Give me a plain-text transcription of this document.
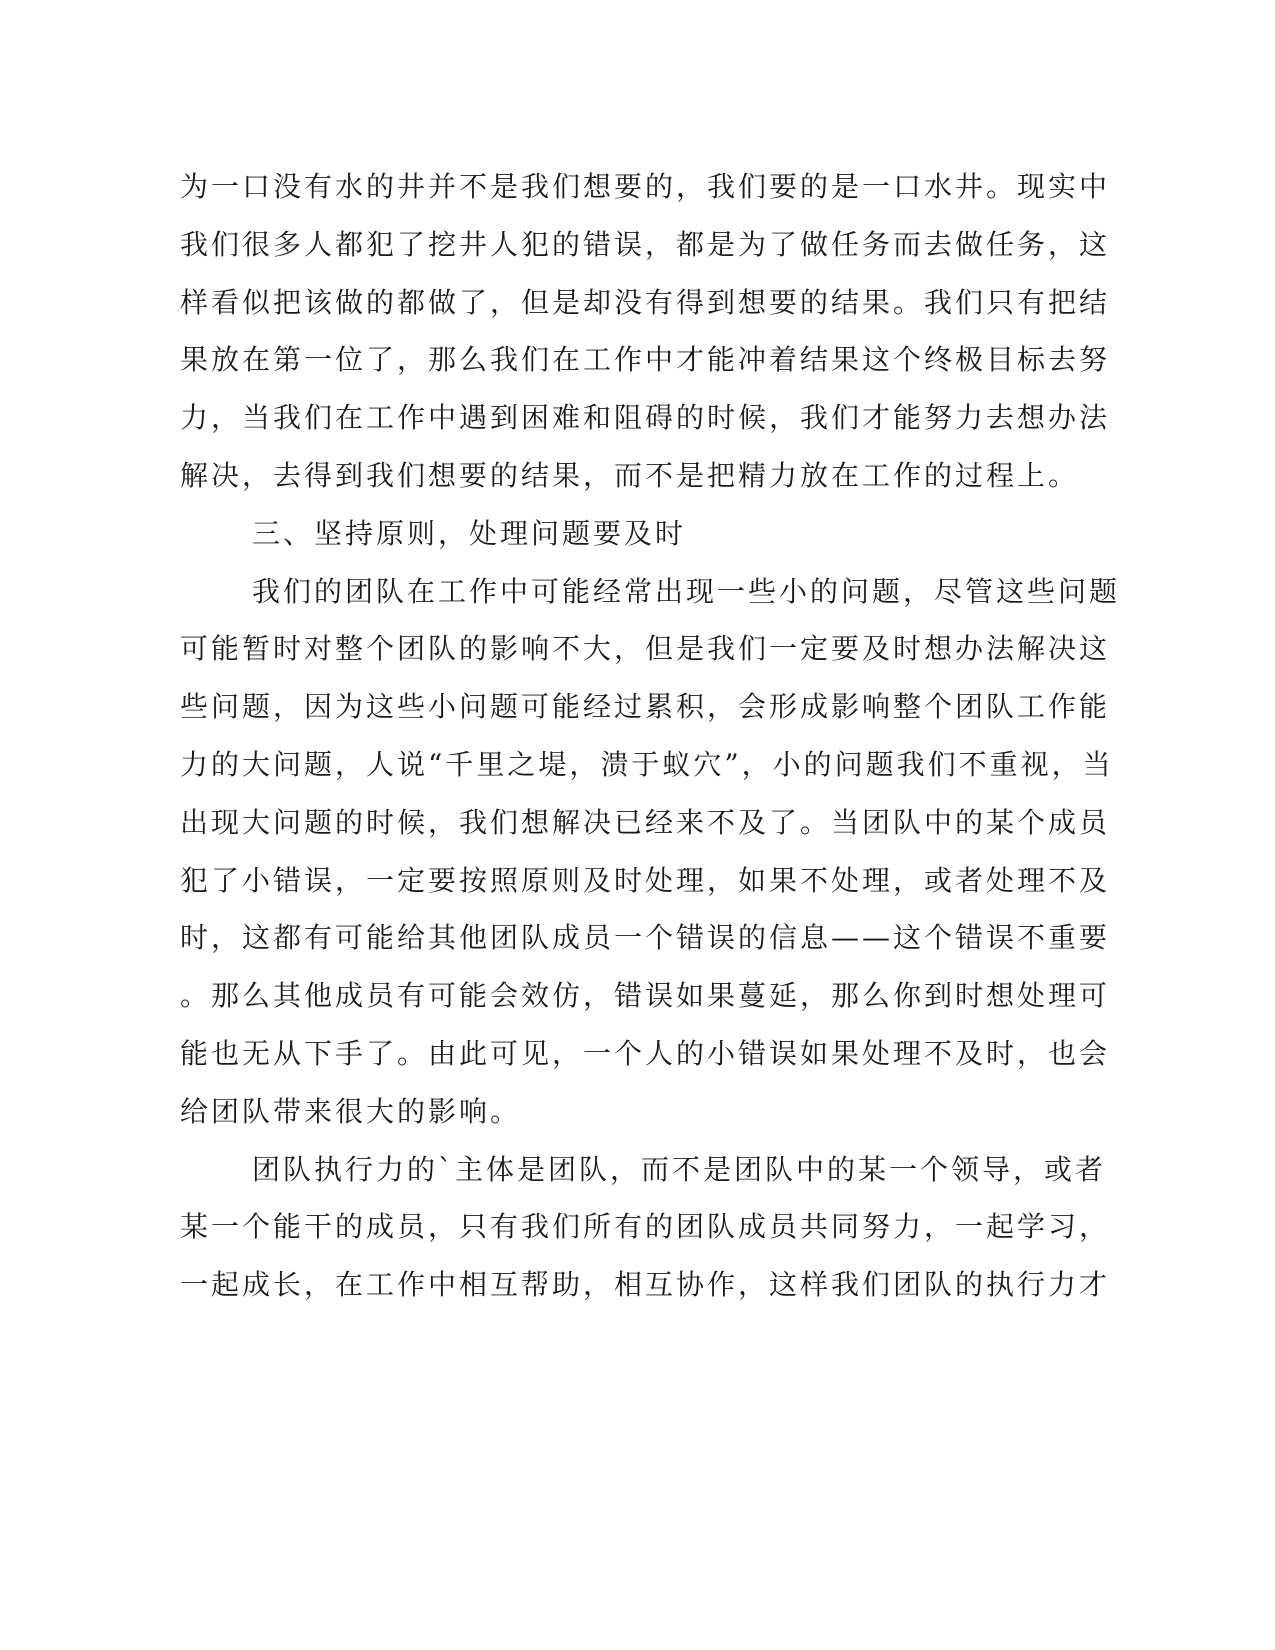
为一口没有水的井并不是我们想要的，我们要的是一口水井。现实中
我们很多人都犯了挖井人犯的错误，都是为了做任务而去做任务，这
样看似把该做的都做了，但是却没有得到想要的结果。我们只有把结
果放在第一位了，那么我们在工作中才能冲着结果这个终极目标去努
力，当我们在工作中遇到困难和阻碍的时候，我们才能努力去想办法
解决，去得到我们想要的结果，而不是把精力放在工作的过程上。
三、坚持原则，处理问题要及时
我们的团队在工作中可能经常出现一些小的问题，尽管这些问题
可能暂时对整个团队的影响不大，但是我们一定要及时想办法解决这
些问题，因为这些小问题可能经过累积，会形成影响整个团队工作能
力的大问题，人说“千里之堤，溃于蚁穴”，小的问题我们不重视，当
出现大问题的时候，我们想解决已经来不及了。当团队中的某个成员
犯了小错误，一定要按照原则及时处理，如果不处理，或者处理不及
时，这都有可能给其他团队成员一个错误的信息——这个错误不重要
。那么其他成员有可能会效仿，错误如果蔓延，那么你到时想处理可
能也无从下手了。由此可见，一个人的小错误如果处理不及时，也会
给团队带来很大的影响。
团队执行力的`主体是团队，而不是团队中的某一个领导，或者
某一个能干的成员，只有我们所有的团队成员共同努力，一起学习，
一起成长，在工作中相互帮助，相互协作，这样我们团队的执行力才
